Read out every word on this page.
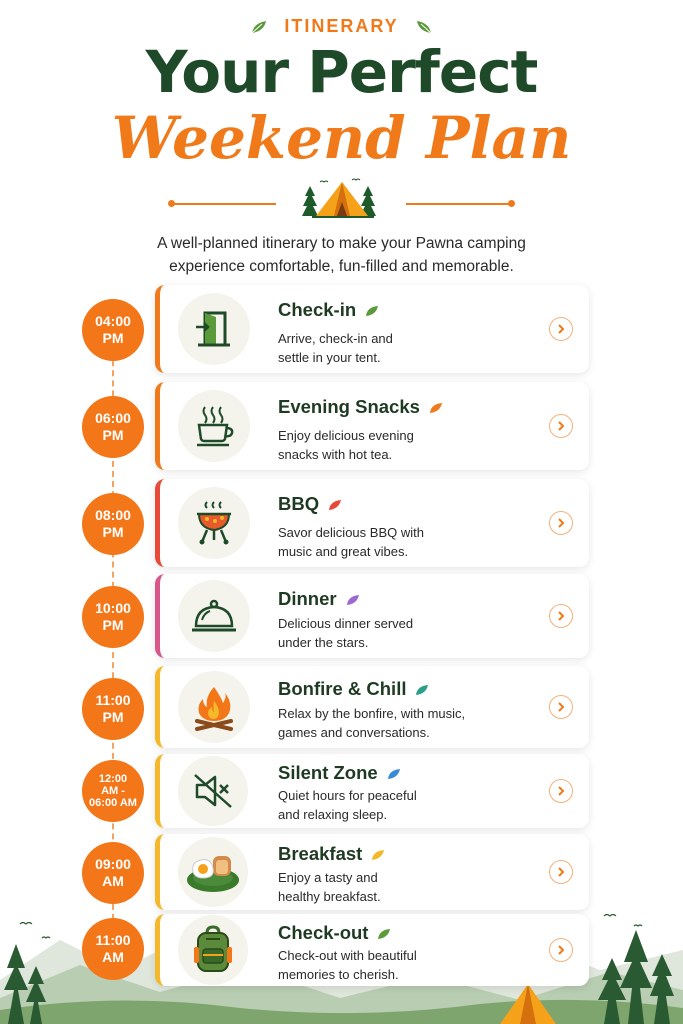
ITINERARY
Your Perfect
Weekend Plan
A well-planned itinerary to make your Pawna camping
experience comfortable, fun-filled and memorable.
04:00
PM
Check-in
Arrive, check-in and
settle in your tent.
06:00
PM
Evening Snacks
Enjoy delicious evening
snacks with hot tea.
08:00
PM
BBQ
Savor delicious BBQ with
music and great vibes.
10:00
PM
Dinner
Delicious dinner served
under the stars.
11:00
PM
Bonfire & Chill
Relax by the bonfire, with music,
games and conversations.
12:00
AM -
06:00 AM
Silent Zone
Quiet hours for peaceful
and relaxing sleep.
09:00
AM
Breakfast
Enjoy a tasty and
healthy breakfast.
11:00
AM
Check-out
Check-out with beautiful
memories to cherish.
